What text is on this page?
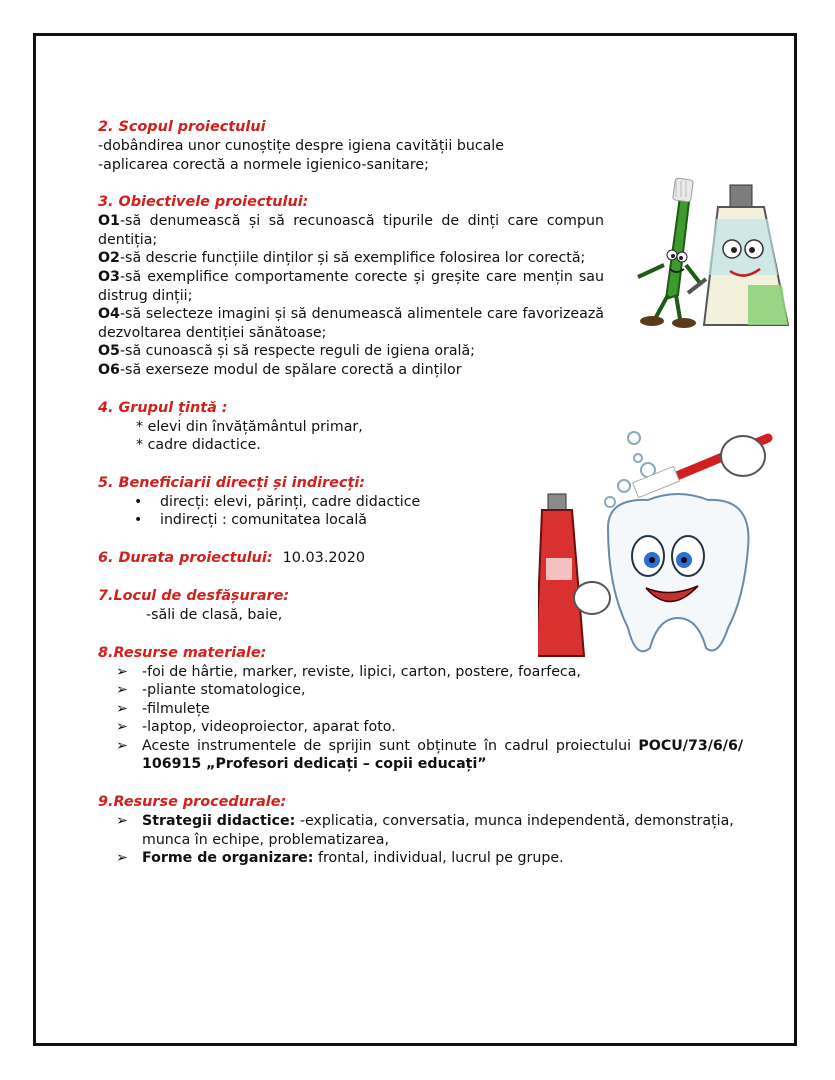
2. Scopul proiectului

-dobândirea unor cunoștițe despre igiena cavității bucale

-aplicarea corectă a normele igienico-sanitare;

3. Obiectivele proiectului:

O1-să denumească și să recunoască tipurile de dinți care compun dentiția;

O2-să descrie funcțiile dinților și să exemplifice folosirea lor corectă;

O3-să exemplifice comportamente corecte și greșite care mențin sau distrug dinții;

O4-să selecteze imagini și să denumească alimentele care favorizează dezvoltarea dentiției sănătoase;

O5-să cunoască și să respecte reguli de igiena orală;

O6-să exerseze modul de spălare corectă a dinților

4. Grupul țintă :

* elevi din învățământul primar,

* cadre didactice.

5. Beneficiarii direcți și indirecți:

• direcți: elevi, părinți, cadre didactice
• indirecți : comunitatea locală

6. Durata proiectului: 10.03.2020

7.Locul de desfășurare:

-săli de clasă, baie,

8.Resurse materiale:

➢ -foi de hârtie, marker, reviste, lipici, carton, postere, foarfeca,
➢ -pliante stomatologice,
➢ -filmulețe
➢ -laptop, videoproiector, aparat foto.
➢ Aceste instrumentele de sprijin sunt obținute în cadrul proiectului POCU/73/6/6/ 106915 „Profesori dedicați – copii educați”

9.Resurse procedurale:

➢ Strategii didactice: -explicatia, conversatia, munca independentă, demonstrația, munca în echipe, problematizarea,
➢ Forme de organizare: frontal, individual, lucrul pe grupe.
